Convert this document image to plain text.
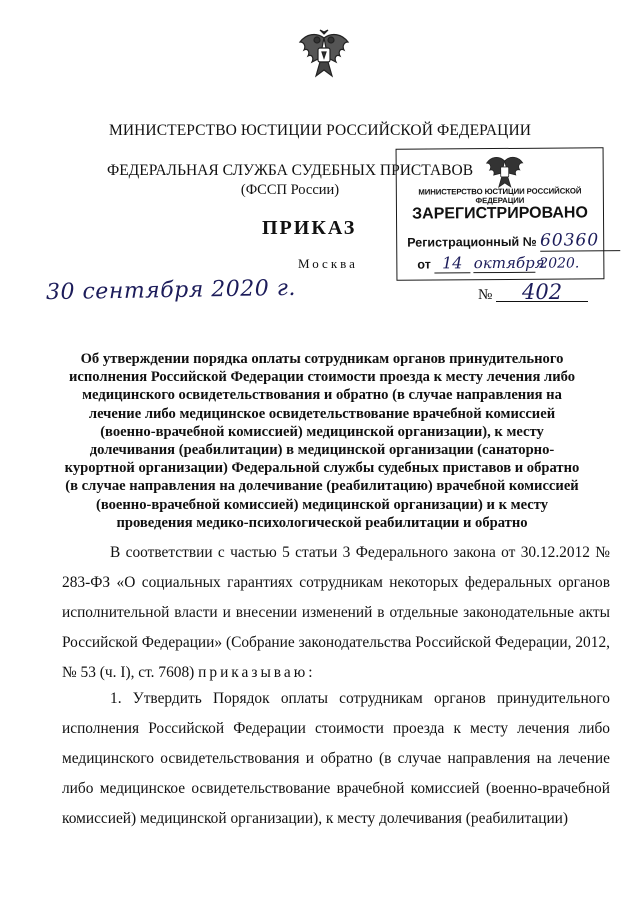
МИНИСТЕРСТВО ЮСТИЦИИ РОССИЙСКОЙ ФЕДЕРАЦИИ
ФЕДЕРАЛЬНАЯ СЛУЖБА СУДЕБНЫХ ПРИСТАВОВ
(ФССП России)
ПРИКАЗ
Москва
МИНИСТЕРСТВО ЮСТИЦИИ РОССИЙСКОЙ ФЕДЕРАЦИИ
ЗАРЕГИСТРИРОВАНО
Регистрационный № 60360
от 14 октября 2020.
30 сентября 2020 г.	№ 402
Об утверждении порядка оплаты сотрудникам органов принудительного исполнения Российской Федерации стоимости проезда к месту лечения либо медицинского освидетельствования и обратно (в случае направления на лечение либо медицинское освидетельствование врачебной комиссией (военно-врачебной комиссией) медицинской организации), к месту долечивания (реабилитации) в медицинской организации (санаторно-курортной организации) Федеральной службы судебных приставов и обратно (в случае направления на долечивание (реабилитацию) врачебной комиссией (военно-врачебной комиссией) медицинской организации) и к месту проведения медико-психологической реабилитации и обратно
В соответствии с частью 5 статьи 3 Федерального закона от 30.12.2012 № 283-ФЗ «О социальных гарантиях сотрудникам некоторых федеральных органов исполнительной власти и внесении изменений в отдельные законодательные акты Российской Федерации» (Собрание законодательства Российской Федерации, 2012, № 53 (ч. I), ст. 7608) приказываю:
1. Утвердить Порядок оплаты сотрудникам органов принудительного исполнения Российской Федерации стоимости проезда к месту лечения либо медицинского освидетельствования и обратно (в случае направления на лечение либо медицинское освидетельствование врачебной комиссией (военно-врачебной комиссией) медицинской организации), к месту долечивания (реабилитации)
